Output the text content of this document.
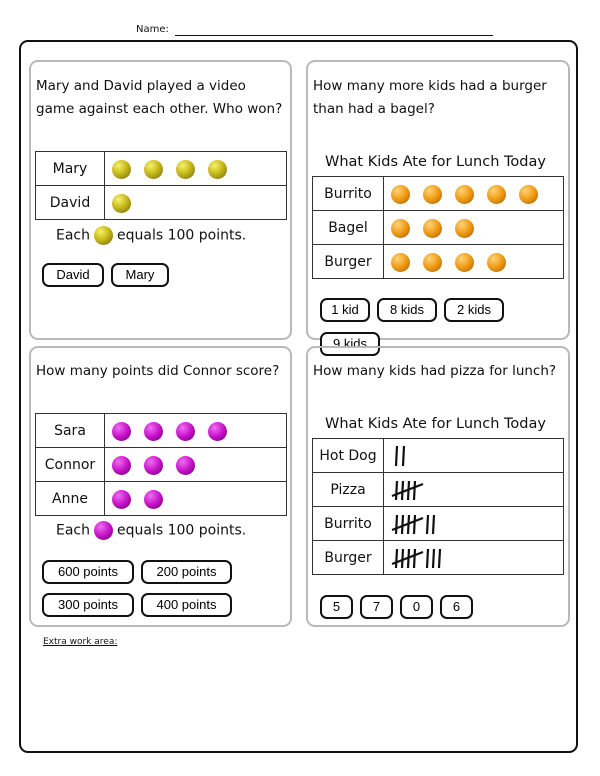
Name:
Mary and David played a video game against each other. Who won?
Mary	
David	
Each equals 100 points.
David	Mary
How many more kids had a burger than had a bagel?
What Kids Ate for Lunch Today
Burrito	
Bagel	
Burger	
1 kid	8 kids	2 kids
9 kids
How many points did Connor score?
Sara	
Connor	
Anne	
Each equals 100 points.
600 points	200 points
300 points	400 points
How many kids had pizza for lunch?
What Kids Ate for Lunch Today
Hot Dog	
Pizza	
Burrito	
Burger	
5	7	0	6
Extra work area:
